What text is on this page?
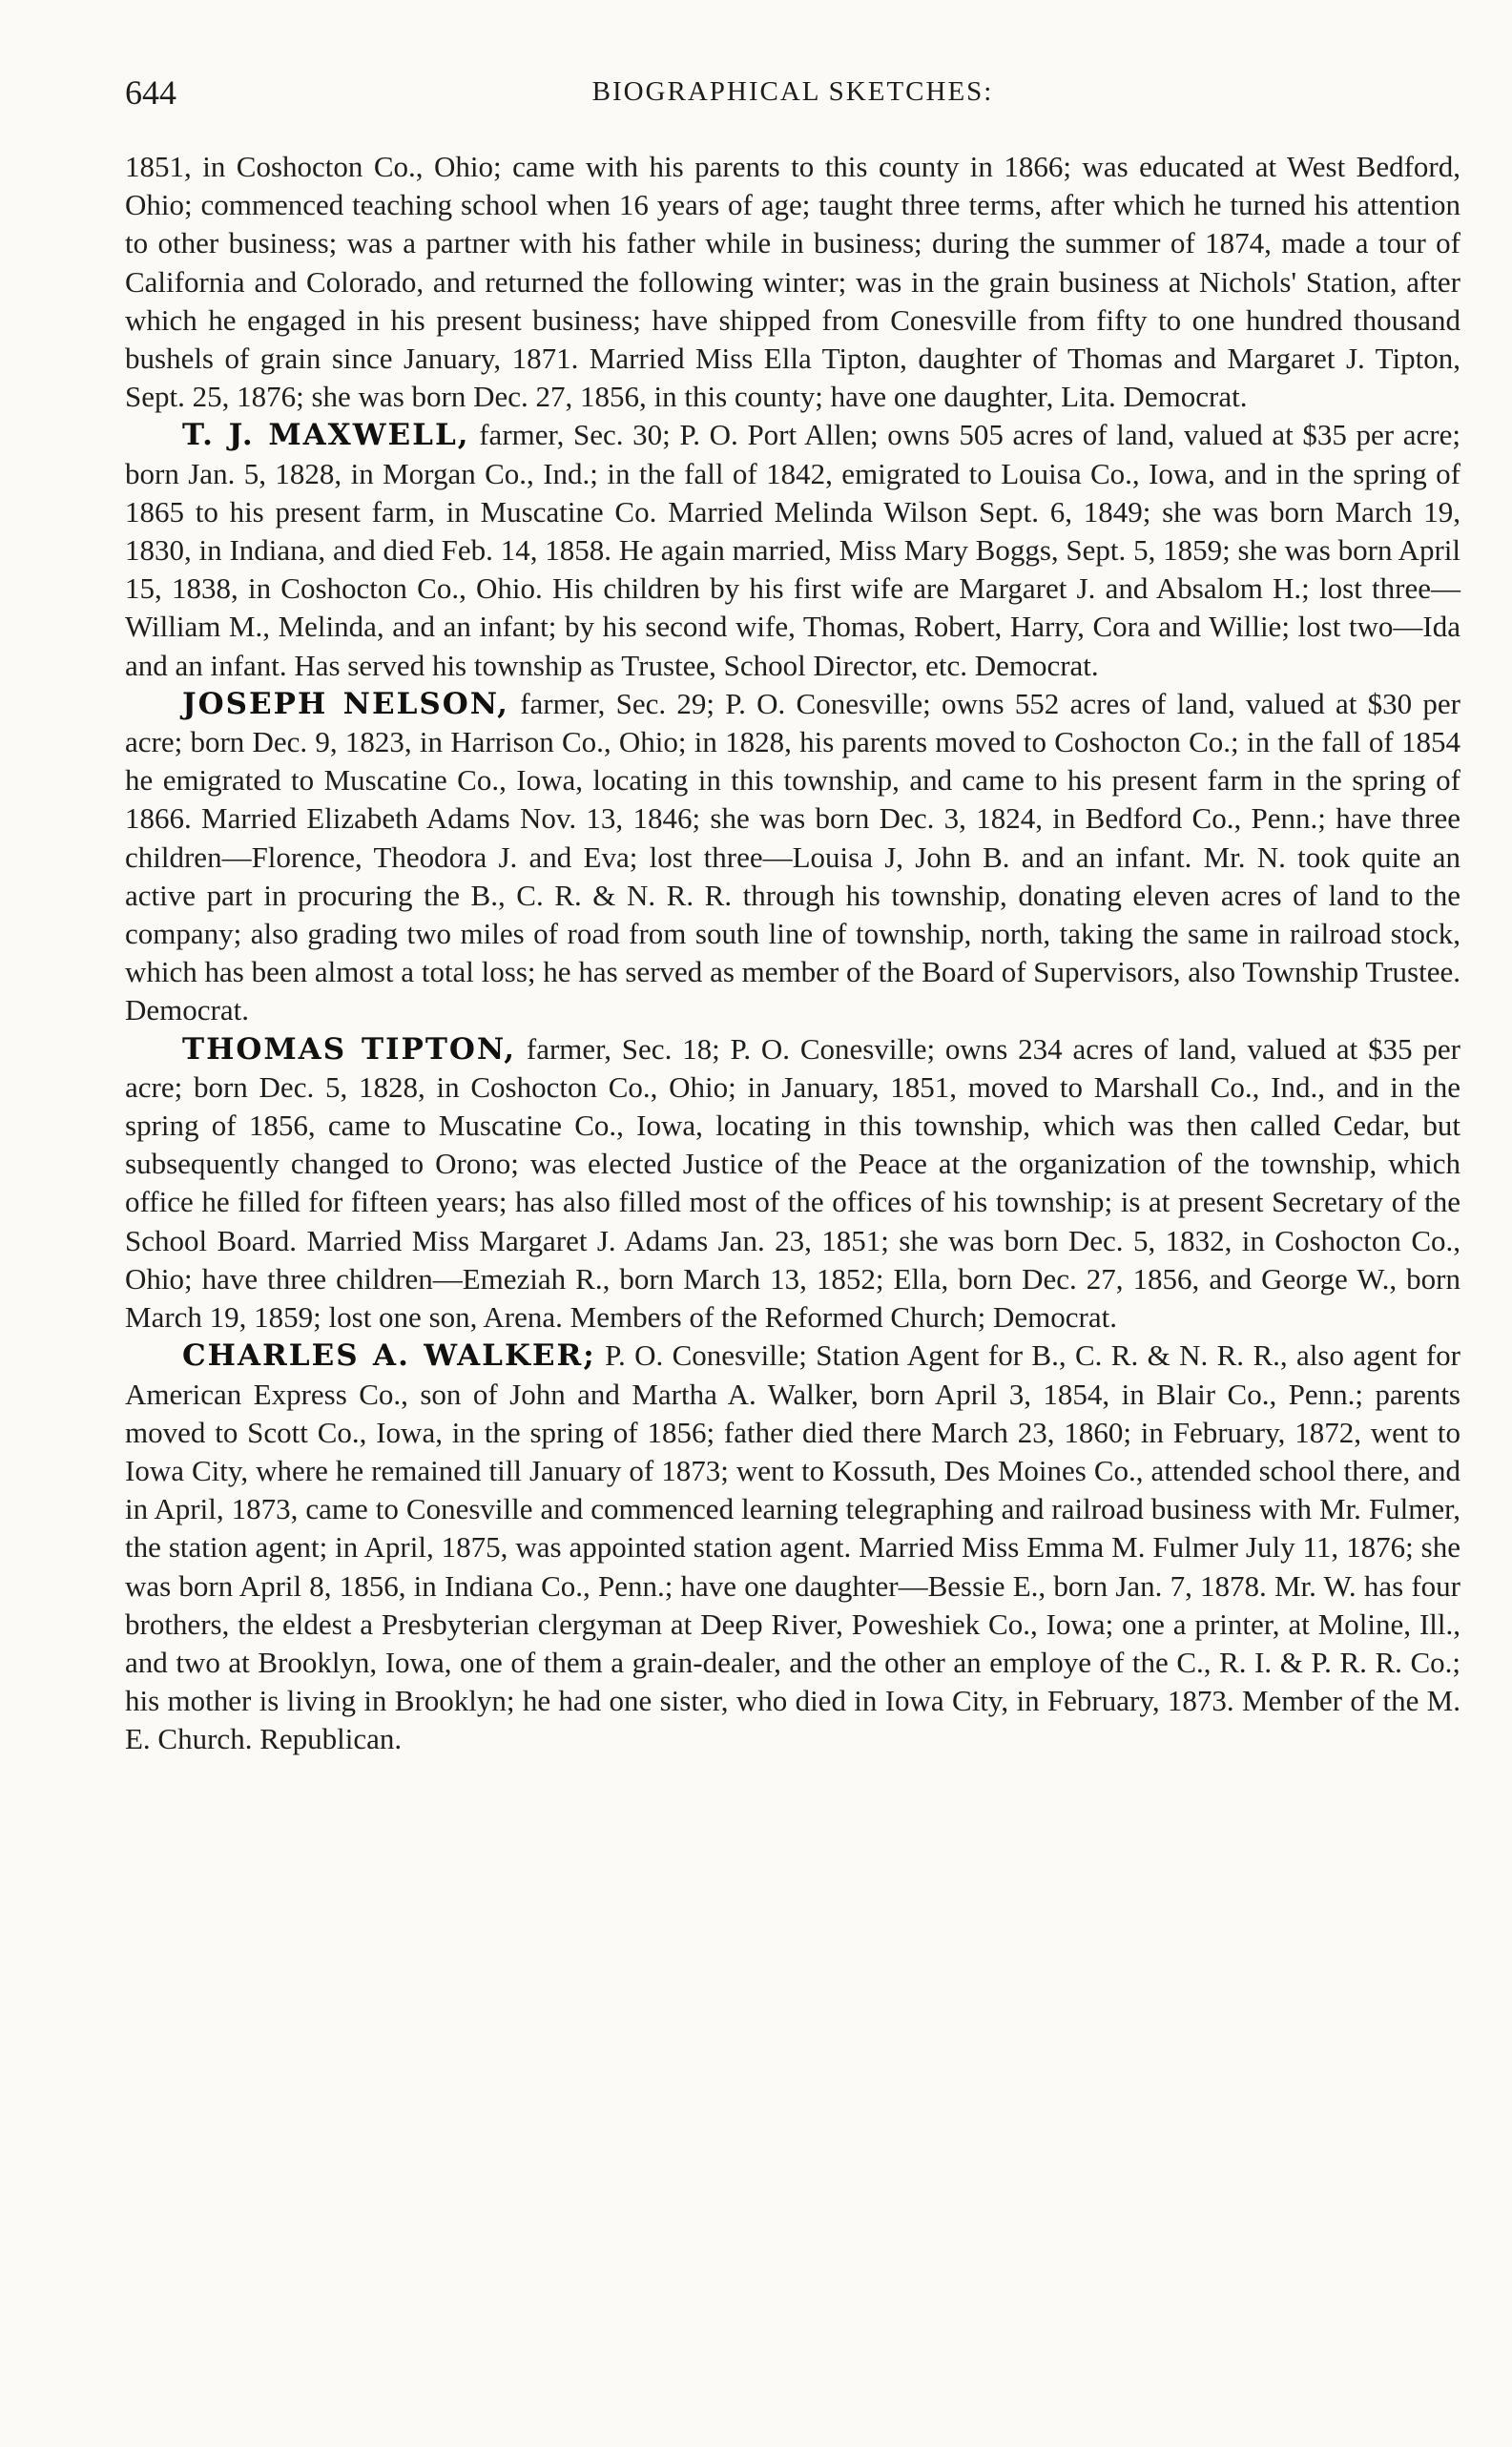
644	BIOGRAPHICAL SKETCHES:

1851, in Coshocton Co., Ohio; came with his parents to this county in 1866; was educated at West Bedford, Ohio; commenced teaching school when 16 years of age; taught three terms, after which he turned his attention to other business; was a partner with his father while in business; during the summer of 1874, made a tour of California and Colorado, and returned the following winter; was in the grain business at Nichols' Station, after which he engaged in his present business; have shipped from Conesville from fifty to one hundred thousand bushels of grain since January, 1871. Married Miss Ella Tipton, daughter of Thomas and Margaret J. Tipton, Sept. 25, 1876; she was born Dec. 27, 1856, in this county; have one daughter, Lita. Democrat.

T. J. MAXWELL, farmer, Sec. 30; P. O. Port Allen; owns 505 acres of land, valued at $35 per acre; born Jan. 5, 1828, in Morgan Co., Ind.; in the fall of 1842, emigrated to Louisa Co., Iowa, and in the spring of 1865 to his present farm, in Muscatine Co. Married Melinda Wilson Sept. 6, 1849; she was born March 19, 1830, in Indiana, and died Feb. 14, 1858. He again married, Miss Mary Boggs, Sept. 5, 1859; she was born April 15, 1838, in Coshocton Co., Ohio. His children by his first wife are Margaret J. and Absalom H.; lost three—William M., Melinda, and an infant; by his second wife, Thomas, Robert, Harry, Cora and Willie; lost two—Ida and an infant. Has served his township as Trustee, School Director, etc. Democrat.

JOSEPH NELSON, farmer, Sec. 29; P. O. Conesville; owns 552 acres of land, valued at $30 per acre; born Dec. 9, 1823, in Harrison Co., Ohio; in 1828, his parents moved to Coshocton Co.; in the fall of 1854 he emigrated to Muscatine Co., Iowa, locating in this township, and came to his present farm in the spring of 1866. Married Elizabeth Adams Nov. 13, 1846; she was born Dec. 3, 1824, in Bedford Co., Penn.; have three children—Florence, Theodora J. and Eva; lost three—Louisa J, John B. and an infant. Mr. N. took quite an active part in procuring the B., C. R. & N. R. R. through his township, donating eleven acres of land to the company; also grading two miles of road from south line of township, north, taking the same in railroad stock, which has been almost a total loss; he has served as member of the Board of Supervisors, also Township Trustee. Democrat.

THOMAS TIPTON, farmer, Sec. 18; P. O. Conesville; owns 234 acres of land, valued at $35 per acre; born Dec. 5, 1828, in Coshocton Co., Ohio; in January, 1851, moved to Marshall Co., Ind., and in the spring of 1856, came to Muscatine Co., Iowa, locating in this township, which was then called Cedar, but subsequently changed to Orono; was elected Justice of the Peace at the organization of the township, which office he filled for fifteen years; has also filled most of the offices of his township; is at present Secretary of the School Board. Married Miss Margaret J. Adams Jan. 23, 1851; she was born Dec. 5, 1832, in Coshocton Co., Ohio; have three children—Emeziah R., born March 13, 1852; Ella, born Dec. 27, 1856, and George W., born March 19, 1859; lost one son, Arena. Members of the Reformed Church; Democrat.

CHARLES A. WALKER; P. O. Conesville; Station Agent for B., C. R. & N. R. R., also agent for American Express Co., son of John and Martha A. Walker, born April 3, 1854, in Blair Co., Penn.; parents moved to Scott Co., Iowa, in the spring of 1856; father died there March 23, 1860; in February, 1872, went to Iowa City, where he remained till January of 1873; went to Kossuth, Des Moines Co., attended school there, and in April, 1873, came to Conesville and commenced learning telegraphing and railroad business with Mr. Fulmer, the station agent; in April, 1875, was appointed station agent. Married Miss Emma M. Fulmer July 11, 1876; she was born April 8, 1856, in Indiana Co., Penn.; have one daughter—Bessie E., born Jan. 7, 1878. Mr. W. has four brothers, the eldest a Presbyterian clergyman at Deep River, Poweshiek Co., Iowa; one a printer, at Moline, Ill., and two at Brooklyn, Iowa, one of them a grain-dealer, and the other an employe of the C., R. I. & P. R. R. Co.; his mother is living in Brooklyn; he had one sister, who died in Iowa City, in February, 1873. Member of the M. E. Church. Republican.
